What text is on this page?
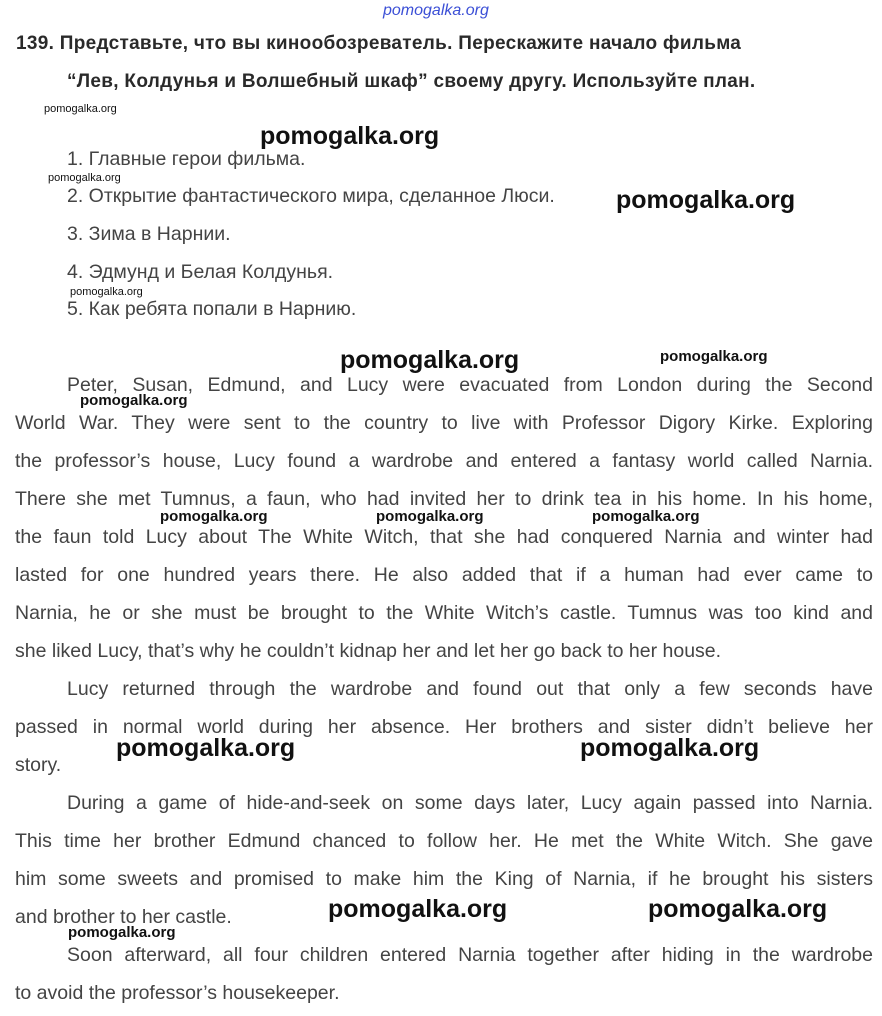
pomogalka.org
139. Представьте, что вы кинообозреватель. Перескажите начало фильма
“Лев, Колдунья и Волшебный шкаф” своему другу. Используйте план.
1. Главные герои фильма.
2. Открытие фантастического мира, сделанное Люси.
3. Зима в Нарнии.
4. Эдмунд и Белая Колдунья.
5. Как ребята попали в Нарнию.
Peter, Susan, Edmund, and Lucy were evacuated from London during the Second
World War. They were sent to the country to live with Professor Digory Kirke. Exploring
the professor’s house, Lucy found a wardrobe and entered a fantasy world called Narnia.
There she met Tumnus, a faun, who had invited her to drink tea in his home. In his home,
the faun told Lucy about The White Witch, that she had conquered Narnia and winter had
lasted for one hundred years there. He also added that if a human had ever came to
Narnia, he or she must be brought to the White Witch’s castle. Tumnus was too kind and
she liked Lucy, that’s why he couldn’t kidnap her and let her go back to her house.
Lucy returned through the wardrobe and found out that only a few seconds have
passed in normal world during her absence. Her brothers and sister didn’t believe her
story.
During a game of hide-and-seek on some days later, Lucy again passed into Narnia.
This time her brother Edmund chanced to follow her. He met the White Witch. She gave
him some sweets and promised to make him the King of Narnia, if he brought his sisters
and brother to her castle.
Soon afterward, all four children entered Narnia together after hiding in the wardrobe
to avoid the professor’s housekeeper.
pomogalka.org
pomogalka.org
pomogalka.org
pomogalka.org
pomogalka.org
pomogalka.org	pomogalka.org
pomogalka.org
pomogalka.org	pomogalka.org	pomogalka.org
pomogalka.org	pomogalka.org
pomogalka.org	pomogalka.org
pomogalka.org
